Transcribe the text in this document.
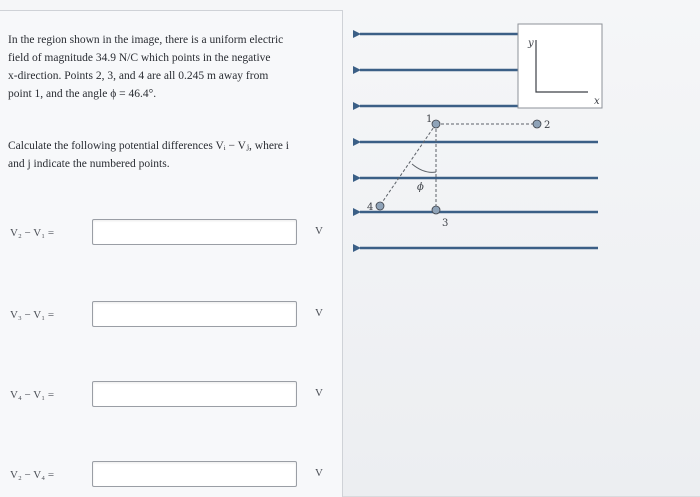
In the region shown in the image, there is a uniform electric
field of magnitude 34.9 N/C which points in the negative
x-direction. Points 2, 3, and 4 are all 0.245 m away from
point 1, and the angle ϕ = 46.4°.
Calculate the following potential differences Vᵢ − Vⱼ, where i
and j indicate the numbered points.
V₂ − V₁ =	V
V₃ − V₁ =	V
V₄ − V₁ =	V
V₂ − V₄ =	V
y
x
ϕ
1
2
3
4
